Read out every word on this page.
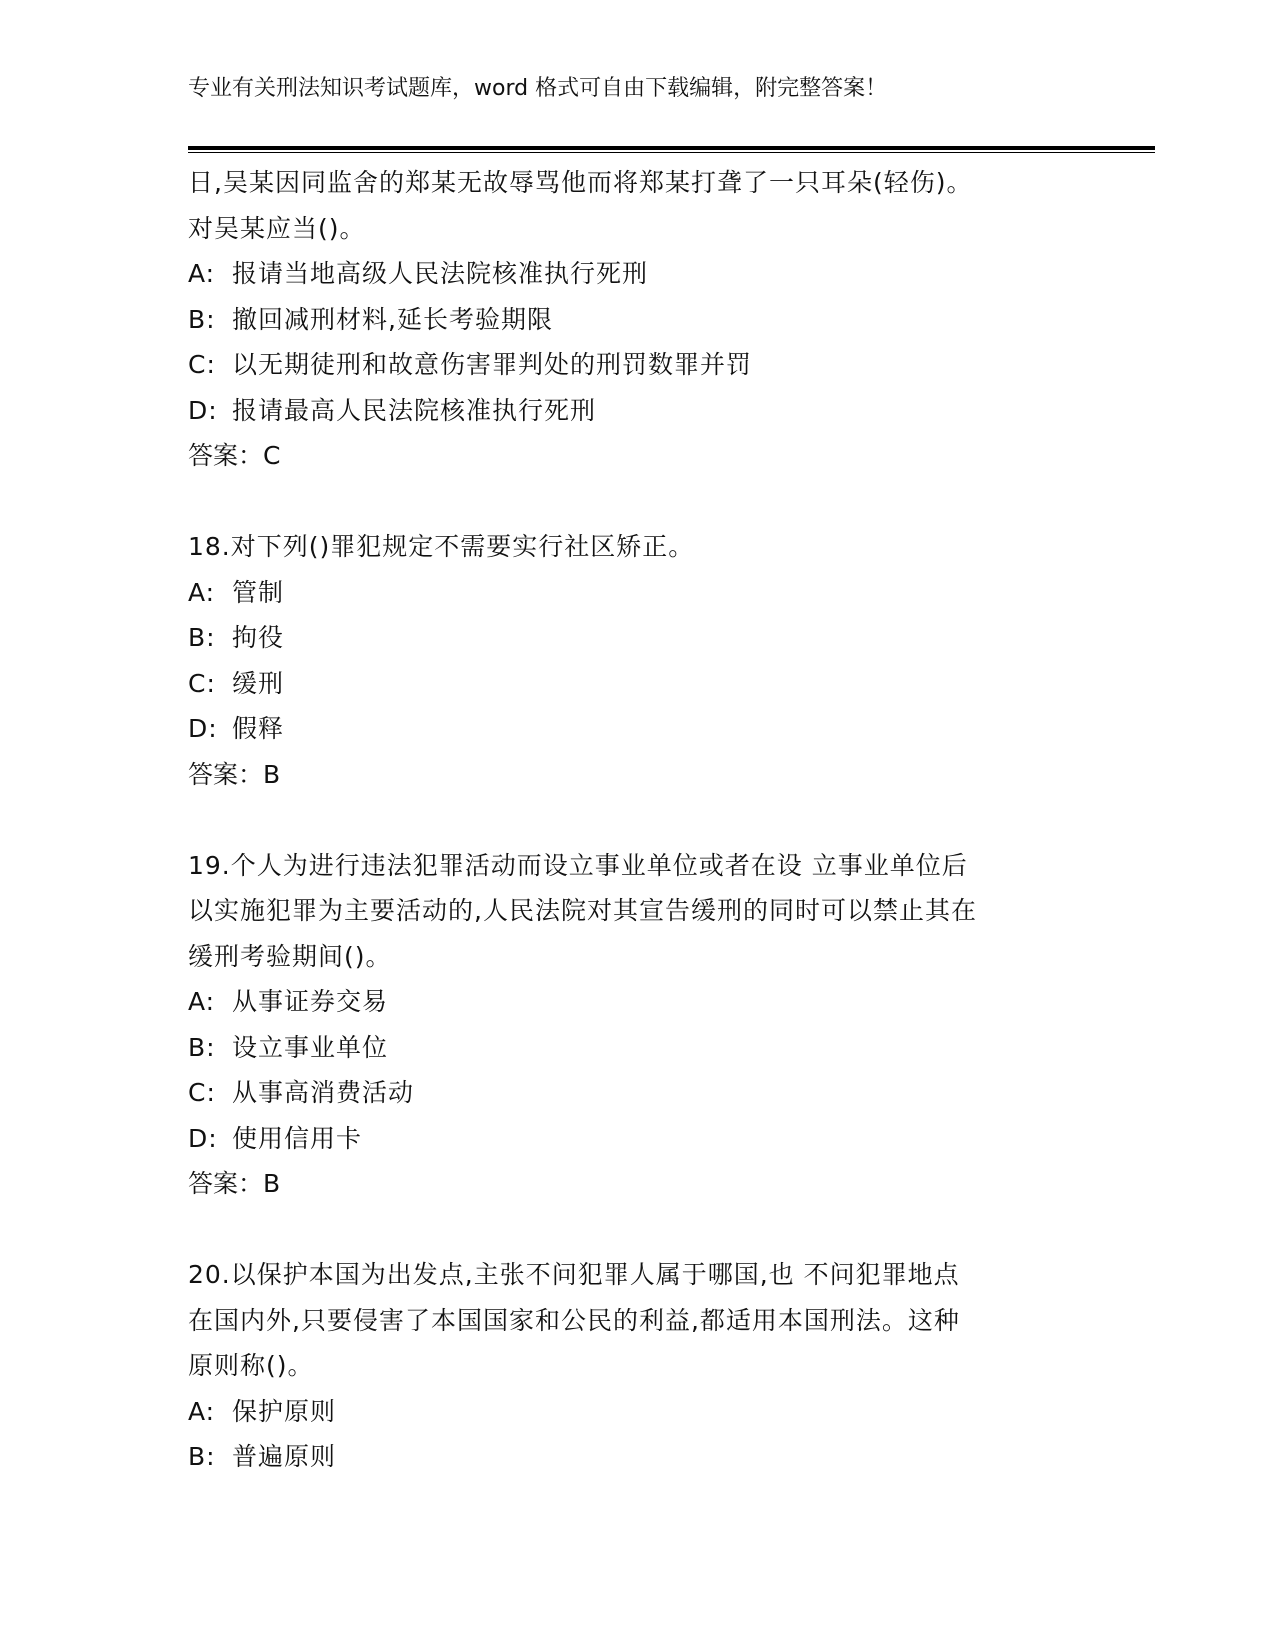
专业有关刑法知识考试题库，word 格式可自由下载编辑，附完整答案！
日,吴某因同监舍的郑某无故辱骂他而将郑某打聋了一只耳朵(轻伤)。
对吴某应当()。
A: 报请当地高级人民法院核准执行死刑
B: 撤回减刑材料,延长考验期限
C: 以无期徒刑和故意伤害罪判处的刑罚数罪并罚
D: 报请最高人民法院核准执行死刑
答案：C
18.对下列()罪犯规定不需要实行社区矫正。
A: 管制
B: 拘役
C: 缓刑
D: 假释
答案：B
19.个人为进行违法犯罪活动而设立事业单位或者在设 立事业单位后
以实施犯罪为主要活动的,人民法院对其宣告缓刑的同时可以禁止其在
缓刑考验期间()。
A: 从事证券交易
B: 设立事业单位
C: 从事高消费活动
D: 使用信用卡
答案：B
20.以保护本国为出发点,主张不问犯罪人属于哪国,也 不问犯罪地点
在国内外,只要侵害了本国国家和公民的利益,都适用本国刑法。这种
原则称()。
A: 保护原则
B: 普遍原则
